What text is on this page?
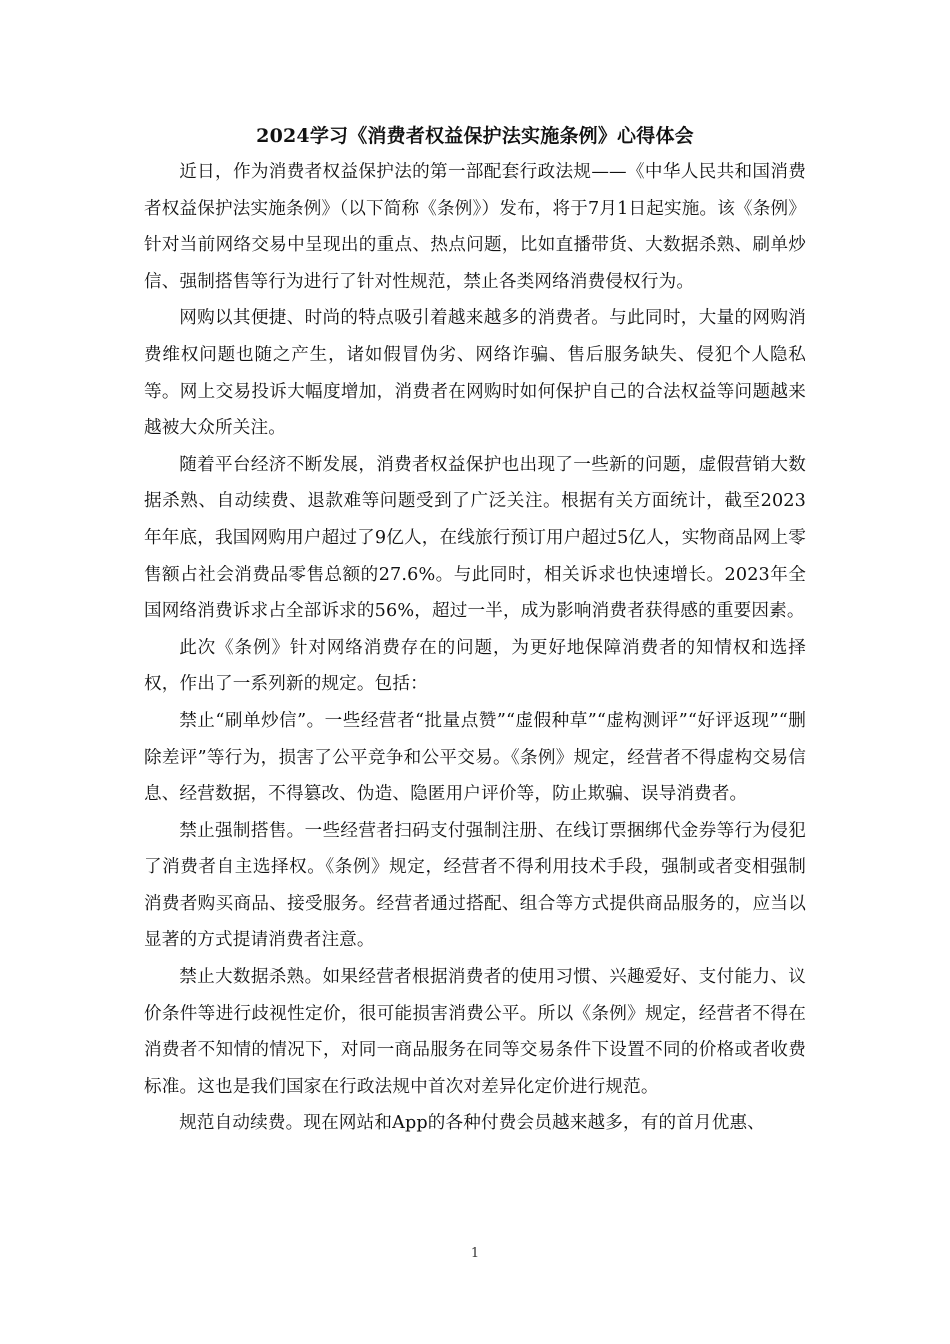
2024学习《消费者权益保护法实施条例》心得体会

近日，作为消费者权益保护法的第一部配套行政法规——《中华人民共和国消费者权益保护法实施条例》（以下简称《条例》）发布，将于7月1日起实施。该《条例》针对当前网络交易中呈现出的重点、热点问题，比如直播带货、大数据杀熟、刷单炒信、强制搭售等行为进行了针对性规范，禁止各类网络消费侵权行为。

网购以其便捷、时尚的特点吸引着越来越多的消费者。与此同时，大量的网购消费维权问题也随之产生，诸如假冒伪劣、网络诈骗、售后服务缺失、侵犯个人隐私等。网上交易投诉大幅度增加，消费者在网购时如何保护自己的合法权益等问题越来越被大众所关注。

随着平台经济不断发展，消费者权益保护也出现了一些新的问题，虚假营销大数据杀熟、自动续费、退款难等问题受到了广泛关注。根据有关方面统计，截至2023年年底，我国网购用户超过了9亿人，在线旅行预订用户超过5亿人，实物商品网上零售额占社会消费品零售总额的27.6%。与此同时，相关诉求也快速增长。2023年全国网络消费诉求占全部诉求的56%，超过一半，成为影响消费者获得感的重要因素。

此次《条例》针对网络消费存在的问题，为更好地保障消费者的知情权和选择权，作出了一系列新的规定。包括：

禁止“刷单炒信”。一些经营者“批量点赞”“虚假种草”“虚构测评”“好评返现”“删除差评”等行为，损害了公平竞争和公平交易。《条例》规定，经营者不得虚构交易信息、经营数据，不得篡改、伪造、隐匿用户评价等，防止欺骗、误导消费者。

禁止强制搭售。一些经营者扫码支付强制注册、在线订票捆绑代金券等行为侵犯了消费者自主选择权。《条例》规定，经营者不得利用技术手段，强制或者变相强制消费者购买商品、接受服务。经营者通过搭配、组合等方式提供商品服务的，应当以显著的方式提请消费者注意。

禁止大数据杀熟。如果经营者根据消费者的使用习惯、兴趣爱好、支付能力、议价条件等进行歧视性定价，很可能损害消费公平。所以《条例》规定，经营者不得在消费者不知情的情况下，对同一商品服务在同等交易条件下设置不同的价格或者收费标准。这也是我们国家在行政法规中首次对差异化定价进行规范。

规范自动续费。现在网站和App的各种付费会员越来越多，有的首月优惠、

1
